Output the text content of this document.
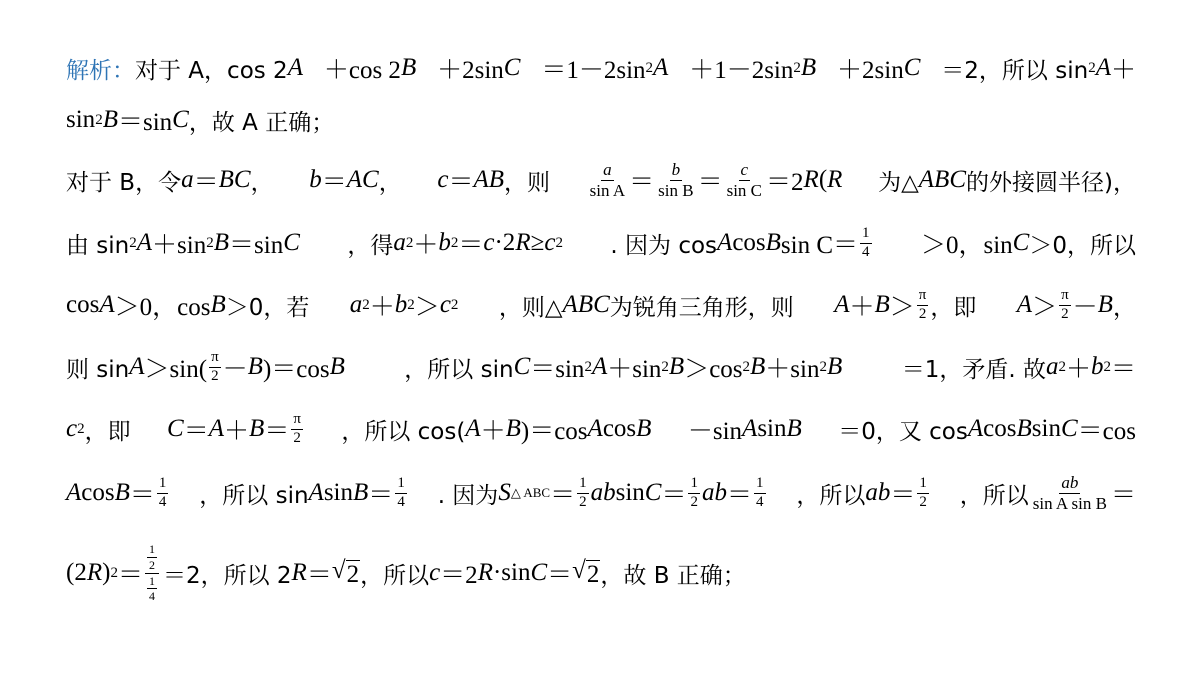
解析： 对于 A，cos 2 A ＋cos 2 B ＋2sin C ＝1－2sin 2 A ＋1－2sin 2 B ＋2sin C ＝2，所以 sin 2 A ＋
sin 2 B ＝sin C ，故 A 正确；
对于 B，令 a ＝ BC ， b ＝ AC ， c ＝ AB ，则 $\frac{a}{\text{sin A}} = \frac{b}{\text{sin B}} = \frac{c}{\text{sin C}} =2$ R ( R 为△ ABC 的外接圆半径)，
由 sin 2 A ＋sin 2 B ＝sin C ，得 a 2 ＋ b 2 ＝ c ·2 R ≥ c 2 . 因为 cos A cos B $\sin C= \frac{1}{4} >0$，sin C ＞0，所以
cos A ＞0，cos B ＞0，若 a 2 ＋ b 2 ＞ c 2 ，则△ ABC 为锐角三角形，则 $A + B > \frac{\pi}{2}$ ，即 $A > \frac{\pi}{2} - B$ ，
则 $\sin A >\sin( \frac{\pi}{2} - B$ )＝cos B	，所以 sin C ＝sin 2 A ＋sin 2 B ＞cos 2 B ＋sin 2 B	＝1，矛盾. 故 a 2 ＋ b 2 ＝
c 2 ，即 $C = A + B = \frac{\pi}{2}$ ，所以 cos( A ＋ B )＝cos A cos B －sin A sin B ＝0，又 cos A cos B sin C ＝cos
A $\cos B = \frac{1}{4}$ ，所以 sin A $\sin B = \frac{1}{4}$ . 因为 S △ ABC ＝ $\frac{1}{2}$ ab $\sin C = \frac{1}{2}$ ab ＝ $\frac{1}{4}$ ，所以 ab ＝ $\frac{1}{2}$ ，所以 $\frac{ab}{\text{sin A sin B}}$ ＝
(2 R ) $2 = \frac{\frac{1}{2}}{\frac{1}{4}} =2$，所以 2 R ＝ √ 2 ，所以 c ＝2 R ·sin C ＝ √ 2 ，故 B 正确；
